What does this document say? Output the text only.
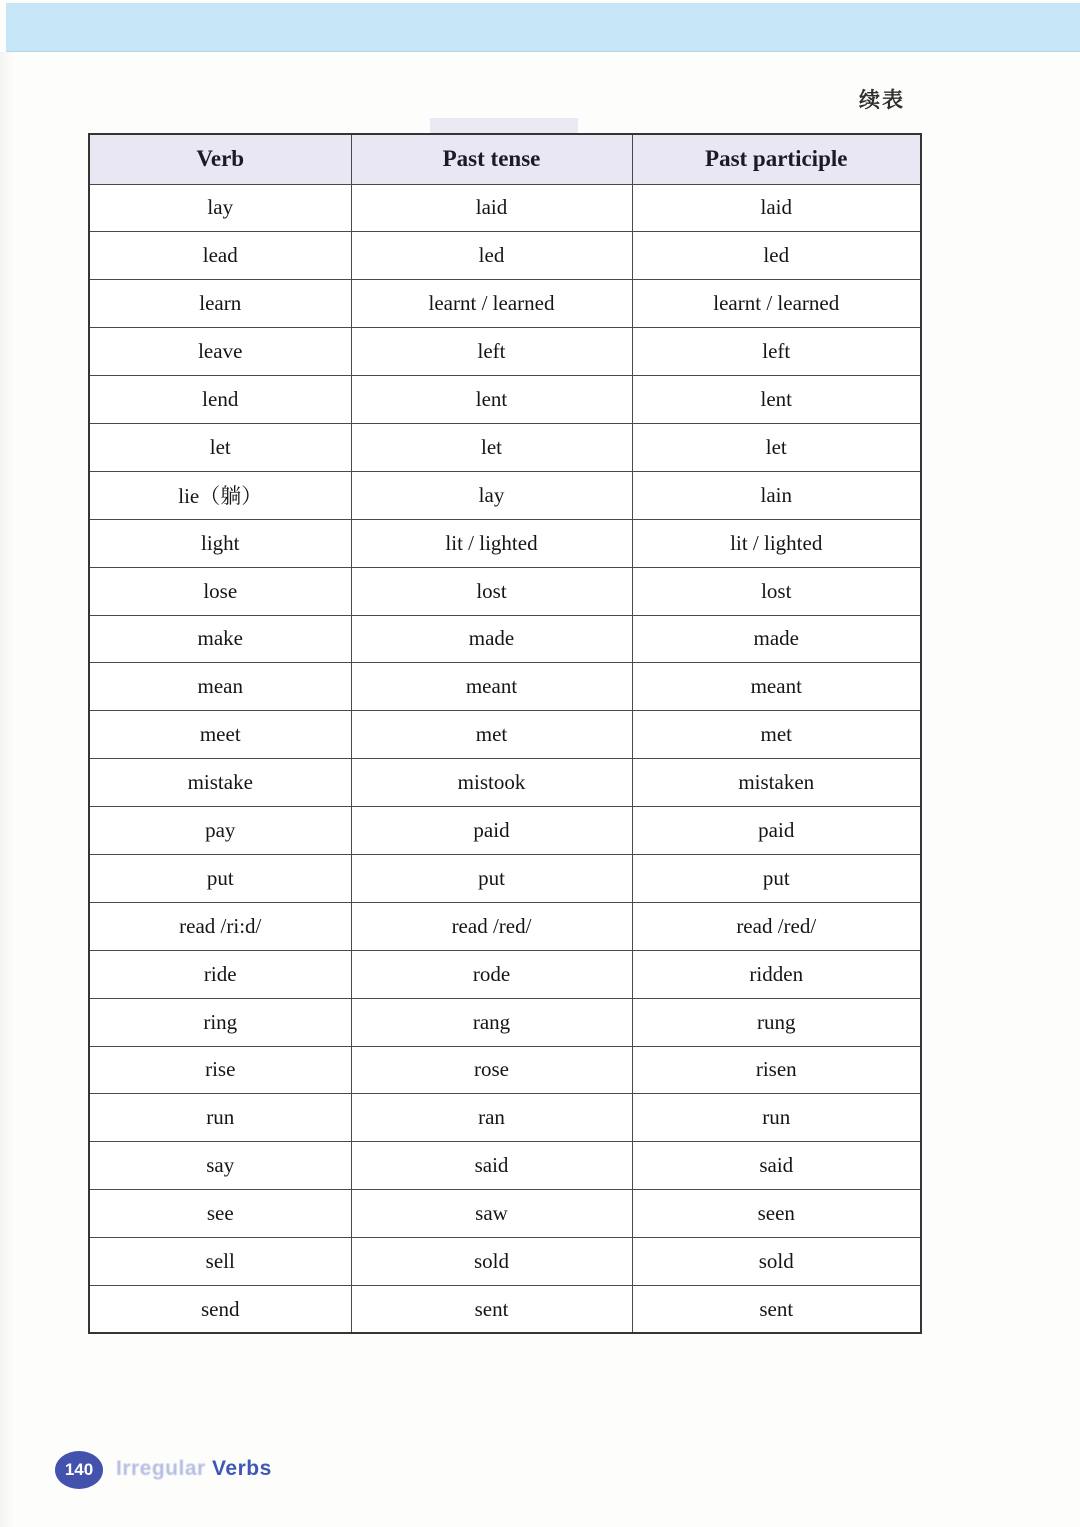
续表
Verb	Past tense	Past participle
lay	laid	laid
lead	led	led
learn	learnt / learned	learnt / learned
leave	left	left
lend	lent	lent
let	let	let
lie（躺）	lay	lain
light	lit / lighted	lit / lighted
lose	lost	lost
make	made	made
mean	meant	meant
meet	met	met
mistake	mistook	mistaken
pay	paid	paid
put	put	put
read /ri:d/	read /red/	read /red/
ride	rode	ridden
ring	rang	rung
rise	rose	risen
run	ran	run
say	said	said
see	saw	seen
sell	sold	sold
send	sent	sent
140 Irregular Verbs
